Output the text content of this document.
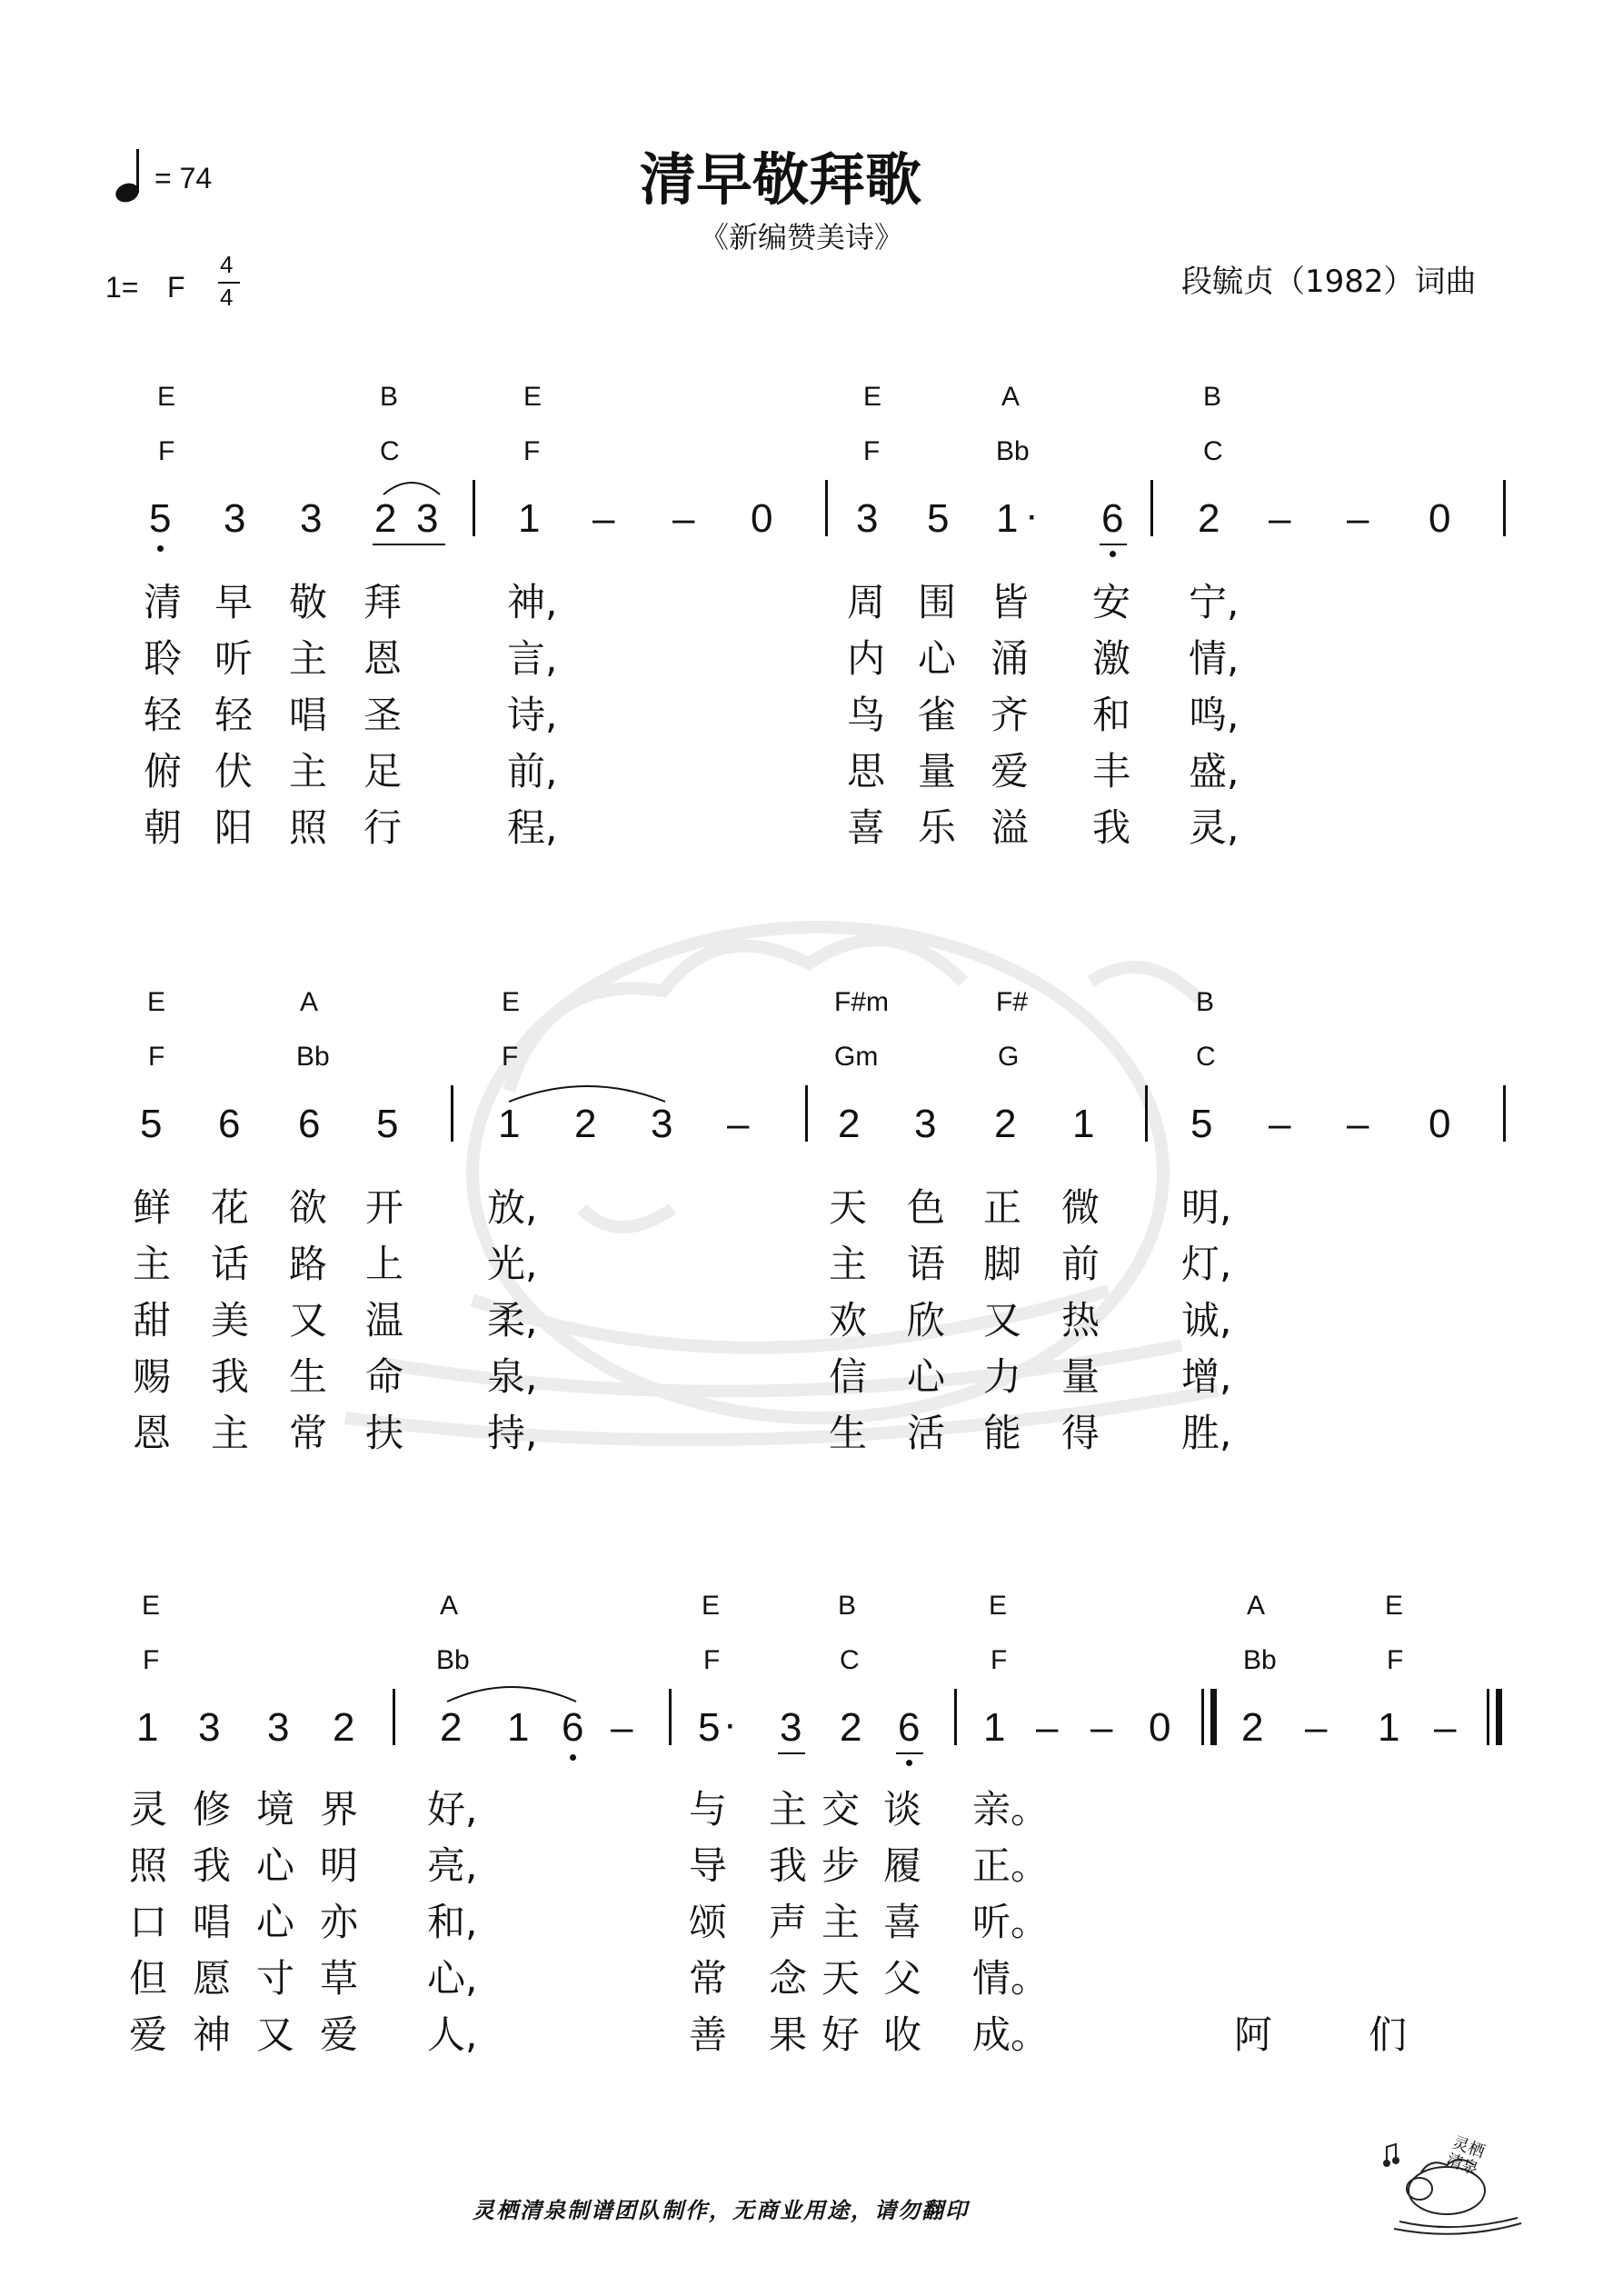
= 74	清早敬拜歌
《新编赞美诗》
段毓贞（1982）词曲
1= F
4
4
E	B	E	E	A	B
F	C	F	F	Bb	C
5 3 3 2 3 1 – – 0 3 5 1 · 6 2 – – 0
清 早 敬 拜	神,	周 围 皆 安 宁,
聆 听 主 恩	言,	内 心 涌 激 情,
轻 轻 唱 圣	诗,	鸟 雀 齐 和 鸣,
俯 伏 主 足	前,	思 量 爱 丰 盛,
朝 阳 照 行	程,	喜 乐 溢 我 灵,
E	A	E	F#m	F#	B
F	Bb	F	Gm	G	C
5 6 6 5 1 2 3 – 2 3 2 1 5 – – 0
鲜 花 欲 开 放,	天 色 正 微 明,
主 话 路 上 光,	主 语 脚 前 灯,
甜 美 又 温 柔,	欢 欣 又 热 诚,
赐 我 生 命 泉,	信 心 力 量 增,
恩 主 常 扶 持,	生 活 能 得 胜,
E	A	E	B	E	A	E
F	Bb	F	C	F	Bb	F
1 3 3 2 2 1 6 – 5 · 3 2 6 1 – – 0 2 – 1 –
灵 修 境 界 好,	与 主 交 谈 亲。
照 我 心 明 亮,	导 我 步 履 正。
口 唱 心 亦 和,	颂 声 主 喜 听。
但 愿 寸 草 心,	常 念 天 父 情。
爱 神 又 爱 人,	善 果 好 收 成。	阿	们
灵栖清泉制谱团队制作，无商业用途，请勿翻印
灵栖清泉
